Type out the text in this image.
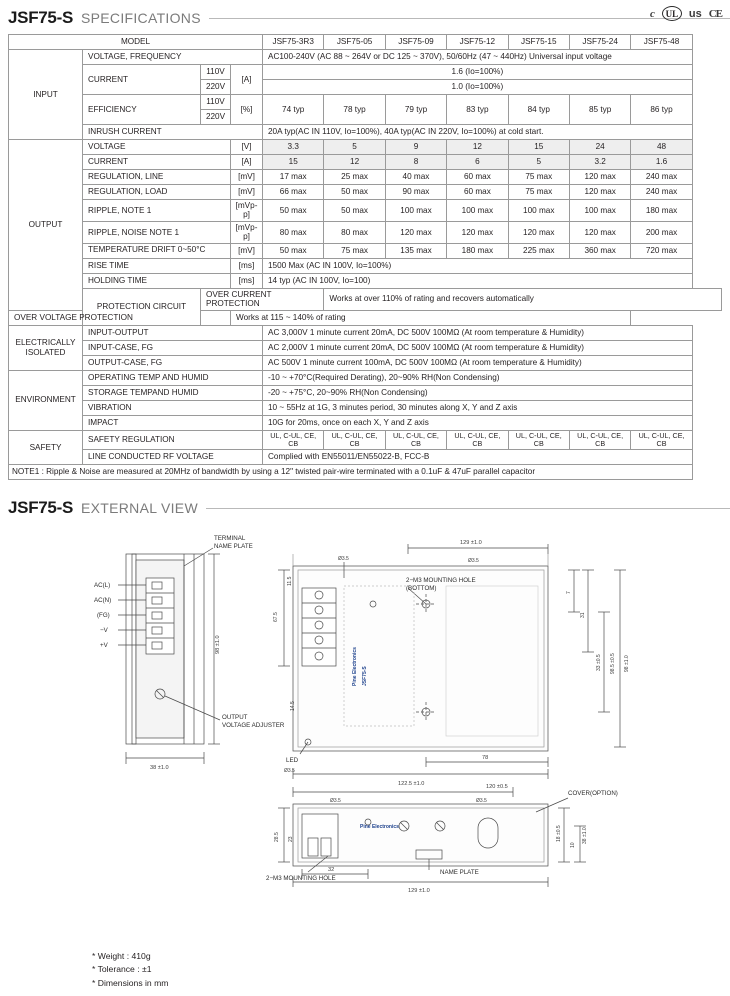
JSF75-S SPECIFICATIONS	c	UL us CE
MODEL				JSF75-3R3	JSF75-05	JSF75-09	JSF75-12	JSF75-15	JSF75-24	JSF75-48
INPUT	VOLTAGE, FREQUENCY			AC100-240V (AC 88 ~ 264V or DC 125 ~ 370V), 50/60Hz (47 ~ 440Hz) Universal input voltage						
	CURRENT	110V	[A]	1.6 (Io=100%)						
		220V		1.0 (Io=100%)						
	EFFICIENCY	110V	[%]	74 typ	78 typ	79 typ	83 typ	84 typ	85 typ	86 typ
		220V								
	INRUSH CURRENT			20A typ(AC IN 110V, Io=100%), 40A typ(AC IN 220V, Io=100%) at cold start.						
OUTPUT	VOLTAGE		[V]	3.3	5	9	12	15	24	48
	CURRENT		[A]	15	12	8	6	5	3.2	1.6
	REGULATION, LINE		[mV]	17 max	25 max	40 max	60 max	75 max	120 max	240 max
	REGULATION, LOAD		[mV]	66 max	50 max	90 max	60 max	75 max	120 max	240 max
	RIPPLE, NOTE 1		[mVp-p]	50 max	50 max	100 max	100 max	100 max	100 max	180 max
	RIPPLE, NOISE NOTE 1		[mVp-p]	80 max	80 max	120 max	120 max	120 max	120 max	200 max
	TEMPERATURE DRIFT 0~50°C		[mV]	50 max	75 max	135 max	180 max	225 max	360 max	720 max
	RISE TIME		[ms]	1500 Max (AC IN 100V, Io=100%)						
	HOLDING TIME		[ms]	14 typ (AC IN 100V, Io=100)						
	PROTECTION CIRCUIT	OVER CURRENT PROTECTION			Works at over 110% of rating and recovers automatically					
OVER VOLTAGE PROTECTION			Works at 115 ~ 140% of rating							
ELECTRICALLY ISOLATED	INPUT-OUTPUT			AC 3,000V 1 minute current 20mA, DC 500V 100MΩ (At room temperature & Humidity)						
	INPUT-CASE, FG			AC 2,000V 1 minute current 20mA, DC 500V 100MΩ (At room temperature & Humidity)						
	OUTPUT-CASE, FG			AC 500V 1 minute current 100mA, DC 500V 100MΩ (At room temperature & Humidity)						
ENVIRONMENT	OPERATING TEMP AND HUMID			-10 ~ +70°C(Required Derating), 20~90% RH(Non Condensing)						
	STORAGE TEMPAND HUMID			-20 ~ +75°C, 20~90% RH(Non Condensing)						
	VIBRATION			10 ~ 55Hz at 1G, 3 minutes period, 30 minutes along X, Y and Z axis						
	IMPACT			10G for 20ms, once on each X, Y and Z axis						
SAFETY	SAFETY REGULATION			UL, C-UL, CE, CB	UL, C-UL, CE, CB	UL, C-UL, CE, CB	UL, C-UL, CE, CB	UL, C-UL, CE, CB	UL, C-UL, CE, CB	UL, C-UL, CE, CB
	LINE CONDUCTED RF VOLTAGE			Complied with EN55011/EN55022-B, FCC-B						
NOTE1 : Ripple & Noise are measured at 20MHz of bandwidth by using a 12" twisted pair-wire terminated with a 0.1uF & 47uF parallel capacitor										
JSF75-S EXTERNAL VIEW
TERMINAL
NAME PLATE
AC(L)
AC(N)
(FG)
−V
+V
OUTPUT
VOLTAGE ADJUSTER
38 ±1.0
98 ±1.0
129 ±1.0
Ø3.5	Ø3.5
2−M3 MOUNTING HOLE
(BOTTOM)
67.5
11.5
14.5
7
31
33 ±0.5 98.5 ±0.5 98 ±1.0
78
122.5 ±1.0
LED
Ø3.5
Pine Electronics JSF75-S
120 ±0.5
COVER(OPTION)
Ø3.5	Ø3.5
Pine Electronics
28.5 23
10
18 ±0.5	38 ±1.0
NAME PLATE
32
2−M3 MOUNTING HOLE
129 ±1.0
* Weight : 410g
* Tolerance : ±1
* Dimensions in mm
